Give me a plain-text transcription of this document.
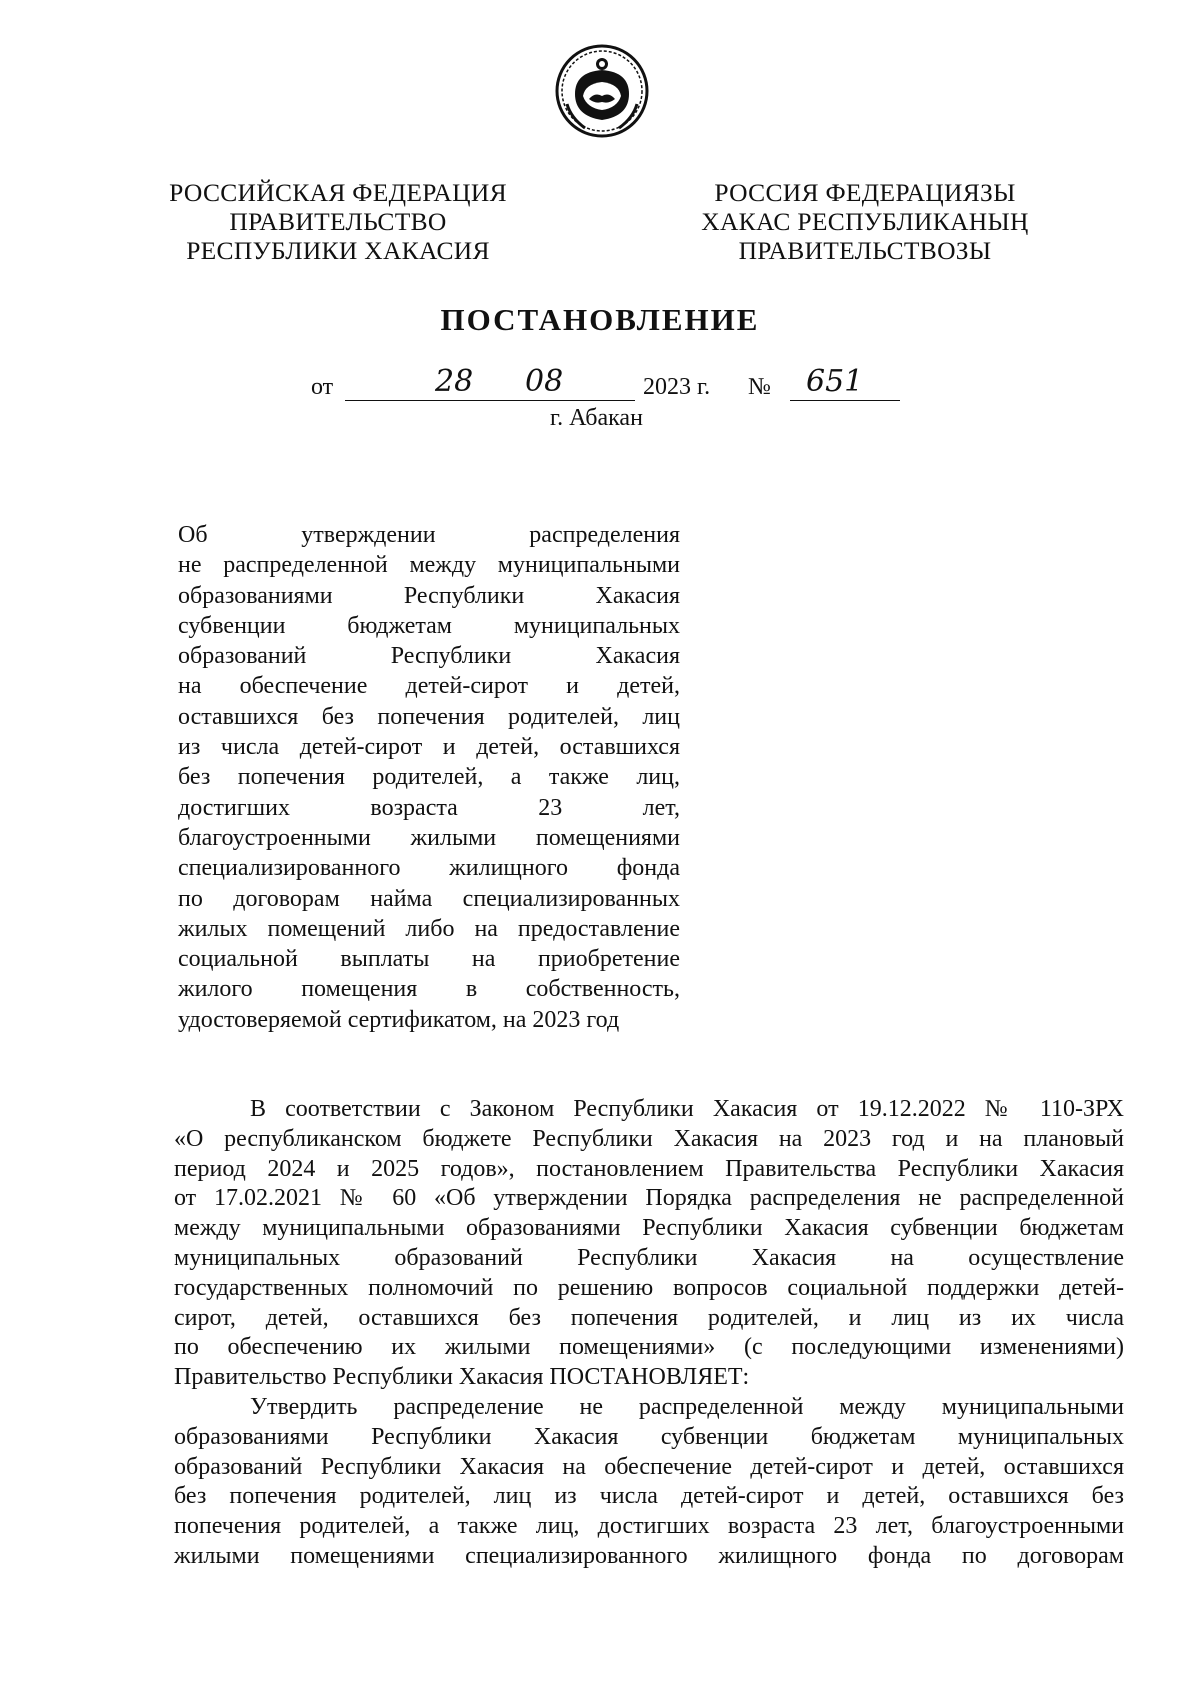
РОССИЙСКАЯ ФЕДЕРАЦИЯ
ПРАВИТЕЛЬСТВО
РЕСПУБЛИКИ ХАКАСИЯ
РОССИЯ ФЕДЕРАЦИЯЗЫ
ХАКАС РЕСПУБЛИКАНЫҢ
ПРАВИТЕЛЬСТВОЗЫ
ПОСТАНОВЛЕНИЕ
от	28 08	2023 г. № 651
г. Абакан
Об утверждении распределения
не распределенной между муниципальными
образованиями Республики Хакасия
субвенции бюджетам муниципальных
образований Республики Хакасия
на обеспечение детей-сирот и детей,
оставшихся без попечения родителей, лиц
из числа детей-сирот и детей, оставшихся
без попечения родителей, а также лиц,
достигших возраста 23 лет,
благоустроенными жилыми помещениями
специализированного жилищного фонда
по договорам найма специализированных
жилых помещений либо на предоставление
социальной выплаты на приобретение
жилого помещения в собственность,
удостоверяемой сертификатом, на 2023 год
В соответствии с Законом Республики Хакасия от 19.12.2022 № 110-ЗРХ
«О республиканском бюджете Республики Хакасия на 2023 год и на плановый
период 2024 и 2025 годов», постановлением Правительства Республики Хакасия
от 17.02.2021 № 60 «Об утверждении Порядка распределения не распределенной
между муниципальными образованиями Республики Хакасия субвенции бюджетам
муниципальных образований Республики Хакасия на осуществление
государственных полномочий по решению вопросов социальной поддержки детей-
сирот, детей, оставшихся без попечения родителей, и лиц из их числа
по обеспечению их жилыми помещениями» (с последующими изменениями)
Правительство Республики Хакасия ПОСТАНОВЛЯЕТ:
Утвердить распределение не распределенной между муниципальными
образованиями Республики Хакасия субвенции бюджетам муниципальных
образований Республики Хакасия на обеспечение детей-сирот и детей, оставшихся
без попечения родителей, лиц из числа детей-сирот и детей, оставшихся без
попечения родителей, а также лиц, достигших возраста 23 лет, благоустроенными
жилыми помещениями специализированного жилищного фонда по договорам
